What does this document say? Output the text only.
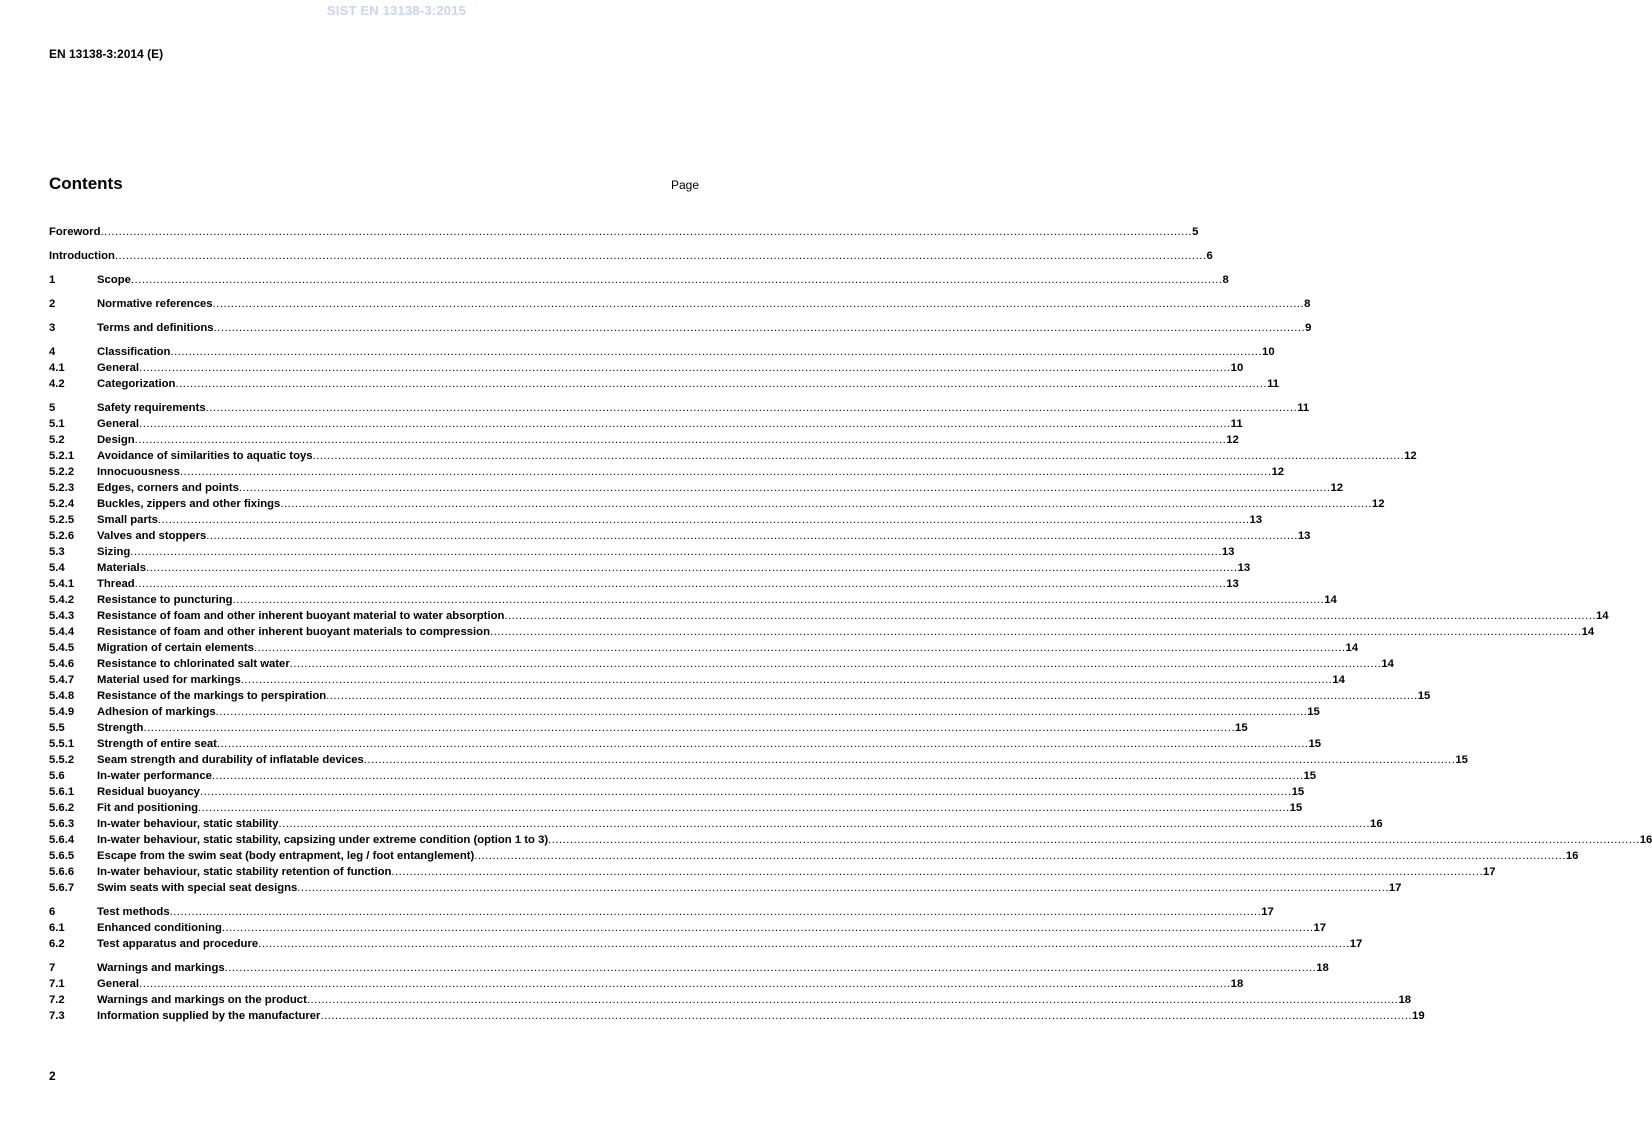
SIST EN 13138-3:2015
EN 13138-3:2014 (E)
Contents	Page
Foreword ............................................................................................................................................................................................................................................................................................................ 5
Introduction ............................................................................................................................................................................................................................................................................................................ 6
1	Scope ............................................................................................................................................................................................................................................................................................................ 8
2	Normative references ............................................................................................................................................................................................................................................................................................................ 8
3	Terms and definitions ............................................................................................................................................................................................................................................................................................................ 9
4	Classification ............................................................................................................................................................................................................................................................................................................ 10
4.1	General ............................................................................................................................................................................................................................................................................................................ 10
4.2	Categorization ............................................................................................................................................................................................................................................................................................................ 11
5	Safety requirements ............................................................................................................................................................................................................................................................................................................ 11
5.1	General ............................................................................................................................................................................................................................................................................................................ 11
5.2	Design ............................................................................................................................................................................................................................................................................................................ 12
5.2.1	Avoidance of similarities to aquatic toys ............................................................................................................................................................................................................................................................................................................ 12
5.2.2	Innocuousness ............................................................................................................................................................................................................................................................................................................ 12
5.2.3	Edges, corners and points ............................................................................................................................................................................................................................................................................................................ 12
5.2.4	Buckles, zippers and other fixings ............................................................................................................................................................................................................................................................................................................ 12
5.2.5	Small parts ............................................................................................................................................................................................................................................................................................................ 13
5.2.6	Valves and stoppers ............................................................................................................................................................................................................................................................................................................ 13
5.3	Sizing ............................................................................................................................................................................................................................................................................................................ 13
5.4	Materials ............................................................................................................................................................................................................................................................................................................ 13
5.4.1	Thread ............................................................................................................................................................................................................................................................................................................ 13
5.4.2	Resistance to puncturing ............................................................................................................................................................................................................................................................................................................ 14
5.4.3	Resistance of foam and other inherent buoyant material to water absorption ............................................................................................................................................................................................................................................................................................................ 14
5.4.4	Resistance of foam and other inherent buoyant materials to compression ............................................................................................................................................................................................................................................................................................................ 14
5.4.5	Migration of certain elements ............................................................................................................................................................................................................................................................................................................ 14
5.4.6	Resistance to chlorinated salt water ............................................................................................................................................................................................................................................................................................................ 14
5.4.7	Material used for markings ............................................................................................................................................................................................................................................................................................................ 14
5.4.8	Resistance of the markings to perspiration ............................................................................................................................................................................................................................................................................................................ 15
5.4.9	Adhesion of markings ............................................................................................................................................................................................................................................................................................................ 15
5.5	Strength ............................................................................................................................................................................................................................................................................................................ 15
5.5.1	Strength of entire seat ............................................................................................................................................................................................................................................................................................................ 15
5.5.2	Seam strength and durability of inflatable devices ............................................................................................................................................................................................................................................................................................................ 15
5.6	In-water performance ............................................................................................................................................................................................................................................................................................................ 15
5.6.1	Residual buoyancy ............................................................................................................................................................................................................................................................................................................ 15
5.6.2	Fit and positioning ............................................................................................................................................................................................................................................................................................................ 15
5.6.3	In-water behaviour, static stability ............................................................................................................................................................................................................................................................................................................ 16
5.6.4	In-water behaviour, static stability, capsizing under extreme condition (option 1 to 3) ............................................................................................................................................................................................................................................................................................................ 16
5.6.5	Escape from the swim seat (body entrapment, leg / foot entanglement) ............................................................................................................................................................................................................................................................................................................ 16
5.6.6	In-water behaviour, static stability retention of function ............................................................................................................................................................................................................................................................................................................ 17
5.6.7	Swim seats with special seat designs ............................................................................................................................................................................................................................................................................................................ 17
6	Test methods ............................................................................................................................................................................................................................................................................................................ 17
6.1	Enhanced conditioning ............................................................................................................................................................................................................................................................................................................ 17
6.2	Test apparatus and procedure ............................................................................................................................................................................................................................................................................................................ 17
7	Warnings and markings ............................................................................................................................................................................................................................................................................................................ 18
7.1	General ............................................................................................................................................................................................................................................................................................................ 18
7.2	Warnings and markings on the product ............................................................................................................................................................................................................................................................................................................ 18
7.3	Information supplied by the manufacturer ............................................................................................................................................................................................................................................................................................................ 19
2
